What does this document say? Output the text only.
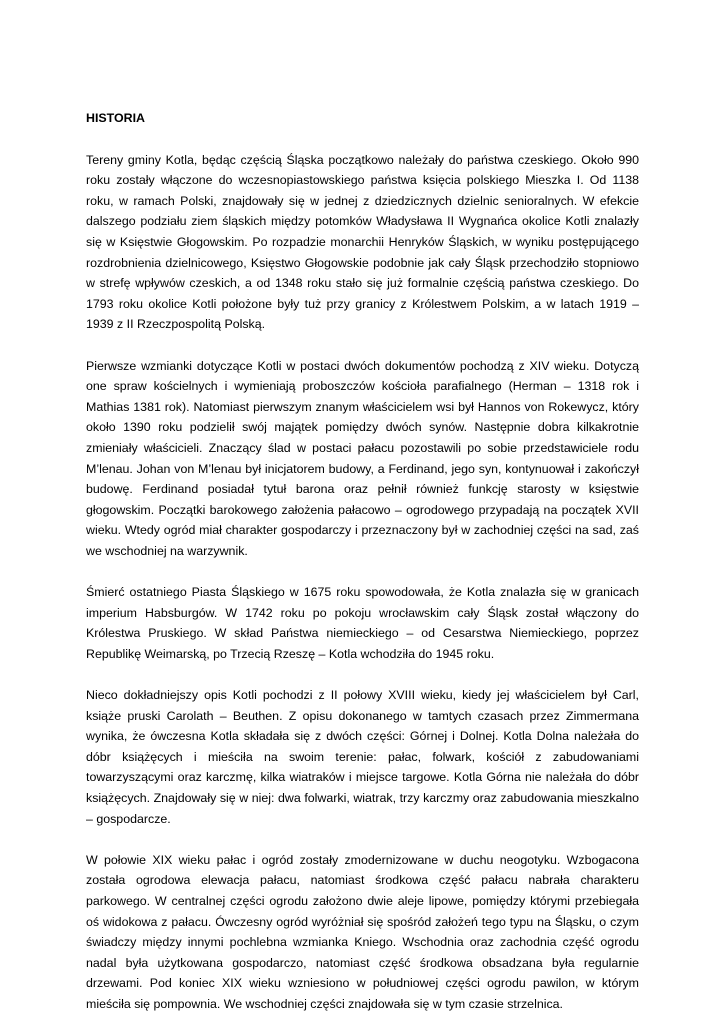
HISTORIA

Tereny gminy Kotla, będąc częścią Śląska początkowo należały do państwa czeskiego. Około 990 roku zostały włączone do wczesnopiastowskiego państwa księcia polskiego Mieszka I. Od 1138 roku, w ramach Polski, znajdowały się w jednej z dziedzicznych dzielnic senioralnych. W efekcie dalszego podziału ziem śląskich między potomków Władysława II Wygnańca okolice Kotli znalazły się w Księstwie Głogowskim. Po rozpadzie monarchii Henryków Śląskich, w wyniku postępującego rozdrobnienia dzielnicowego, Księstwo Głogowskie podobnie jak cały Śląsk przechodziło stopniowo w strefę wpływów czeskich, a od 1348 roku stało się już formalnie częścią państwa czeskiego. Do 1793 roku okolice Kotli położone były tuż przy granicy z Królestwem Polskim, a w latach 1919 – 1939 z II Rzeczpospolitą Polską.

Pierwsze wzmianki dotyczące Kotli w postaci dwóch dokumentów pochodzą z XIV wieku. Dotyczą one spraw kościelnych i wymieniają proboszczów kościoła parafialnego (Herman – 1318 rok i Mathias 1381 rok). Natomiast pierwszym znanym właścicielem wsi był Hannos von Rokewycz, który około 1390 roku podzielił swój majątek pomiędzy dwóch synów. Następnie dobra kilkakrotnie zmieniały właścicieli. Znaczący ślad w postaci pałacu pozostawili po sobie przedstawiciele rodu M’lenau. Johan von M’lenau był inicjatorem budowy, a Ferdinand, jego syn, kontynuował i zakończył budowę. Ferdinand posiadał tytuł barona oraz pełnił również funkcję starosty w księstwie głogowskim. Początki barokowego założenia pałacowo – ogrodowego przypadają na początek XVII wieku. Wtedy ogród miał charakter gospodarczy i przeznaczony był w zachodniej części na sad, zaś we wschodniej na warzywnik.

Śmierć ostatniego Piasta Śląskiego w 1675 roku spowodowała, że Kotla znalazła się w granicach imperium Habsburgów. W 1742 roku po pokoju wrocławskim cały Śląsk został włączony do Królestwa Pruskiego. W skład Państwa niemieckiego – od Cesarstwa Niemieckiego, poprzez Republikę Weimarską, po Trzecią Rzeszę – Kotla wchodziła do 1945 roku.

Nieco dokładniejszy opis Kotli pochodzi z II połowy XVIII wieku, kiedy jej właścicielem był Carl, książe pruski Carolath – Beuthen. Z opisu dokonanego w tamtych czasach przez Zimmermana wynika, że ówczesna Kotla składała się z dwóch części: Górnej i Dolnej. Kotla Dolna należała do dóbr książęcych i mieściła na swoim terenie: pałac, folwark, kościół z zabudowaniami towarzyszącymi oraz karczmę, kilka wiatraków i miejsce targowe. Kotla Górna nie należała do dóbr książęcych. Znajdowały się w niej: dwa folwarki, wiatrak, trzy karczmy oraz zabudowania mieszkalno – gospodarcze.

W połowie XIX wieku pałac i ogród zostały zmodernizowane w duchu neogotyku. Wzbogacona została ogrodowa elewacja pałacu, natomiast środkowa część pałacu nabrała charakteru parkowego. W centralnej części ogrodu założono dwie aleje lipowe, pomiędzy którymi przebiegała oś widokowa z pałacu. Ówczesny ogród wyróżniał się spośród założeń tego typu na Śląsku, o czym świadczy między innymi pochlebna wzmianka Kniego. Wschodnia oraz zachodnia część ogrodu nadal była użytkowana gospodarczo, natomiast część środkowa obsadzana była regularnie drzewami. Pod koniec XIX wieku wzniesiono w południowej części ogrodu pawilon, w którym mieściła się pompownia. We wschodniej części znajdowała się w tym czasie strzelnica.
